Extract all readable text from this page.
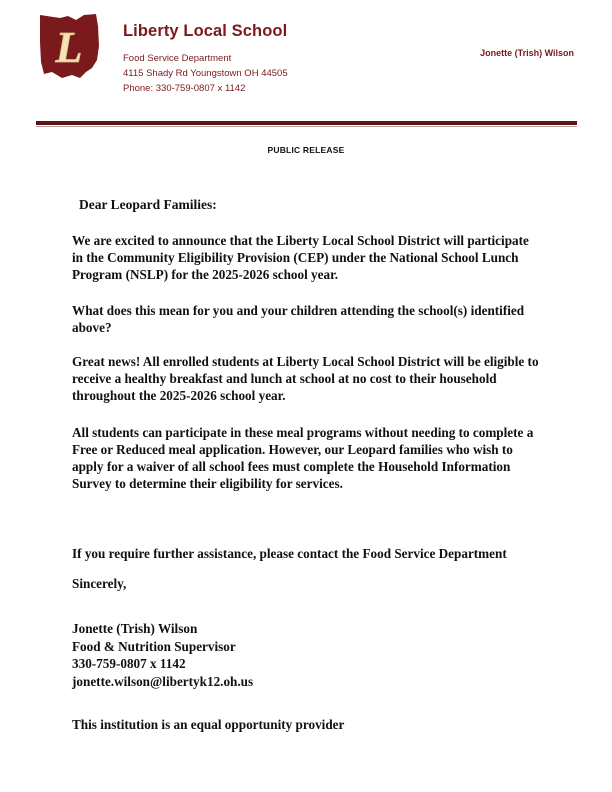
L Liberty Local School
Food Service Department
4115 Shady Rd Youngstown OH 44505
Phone: 330-759-0807 x 1142
Jonette (Trish) Wilson
PUBLIC RELEASE
Dear Leopard Families:

We are excited to announce that the Liberty Local School District will participate in the Community Eligibility Provision (CEP) under the National School Lunch Program (NSLP) for the 2025-2026 school year.

What does this mean for you and your children attending the school(s) identified above?

Great news! All enrolled students at Liberty Local School District will be eligible to receive a healthy breakfast and lunch at school at no cost to their household throughout the 2025-2026 school year.

All students can participate in these meal programs without needing to complete a Free or Reduced meal application. However, our Leopard families who wish to apply for a waiver of all school fees must complete the Household Information Survey to determine their eligibility for services.

If you require further assistance, please contact the Food Service Department

Sincerely,

Jonette (Trish) Wilson
Food & Nutrition Supervisor
330-759-0807 x 1142
jonette.wilson@libertyk12.oh.us
This institution is an equal opportunity provider
